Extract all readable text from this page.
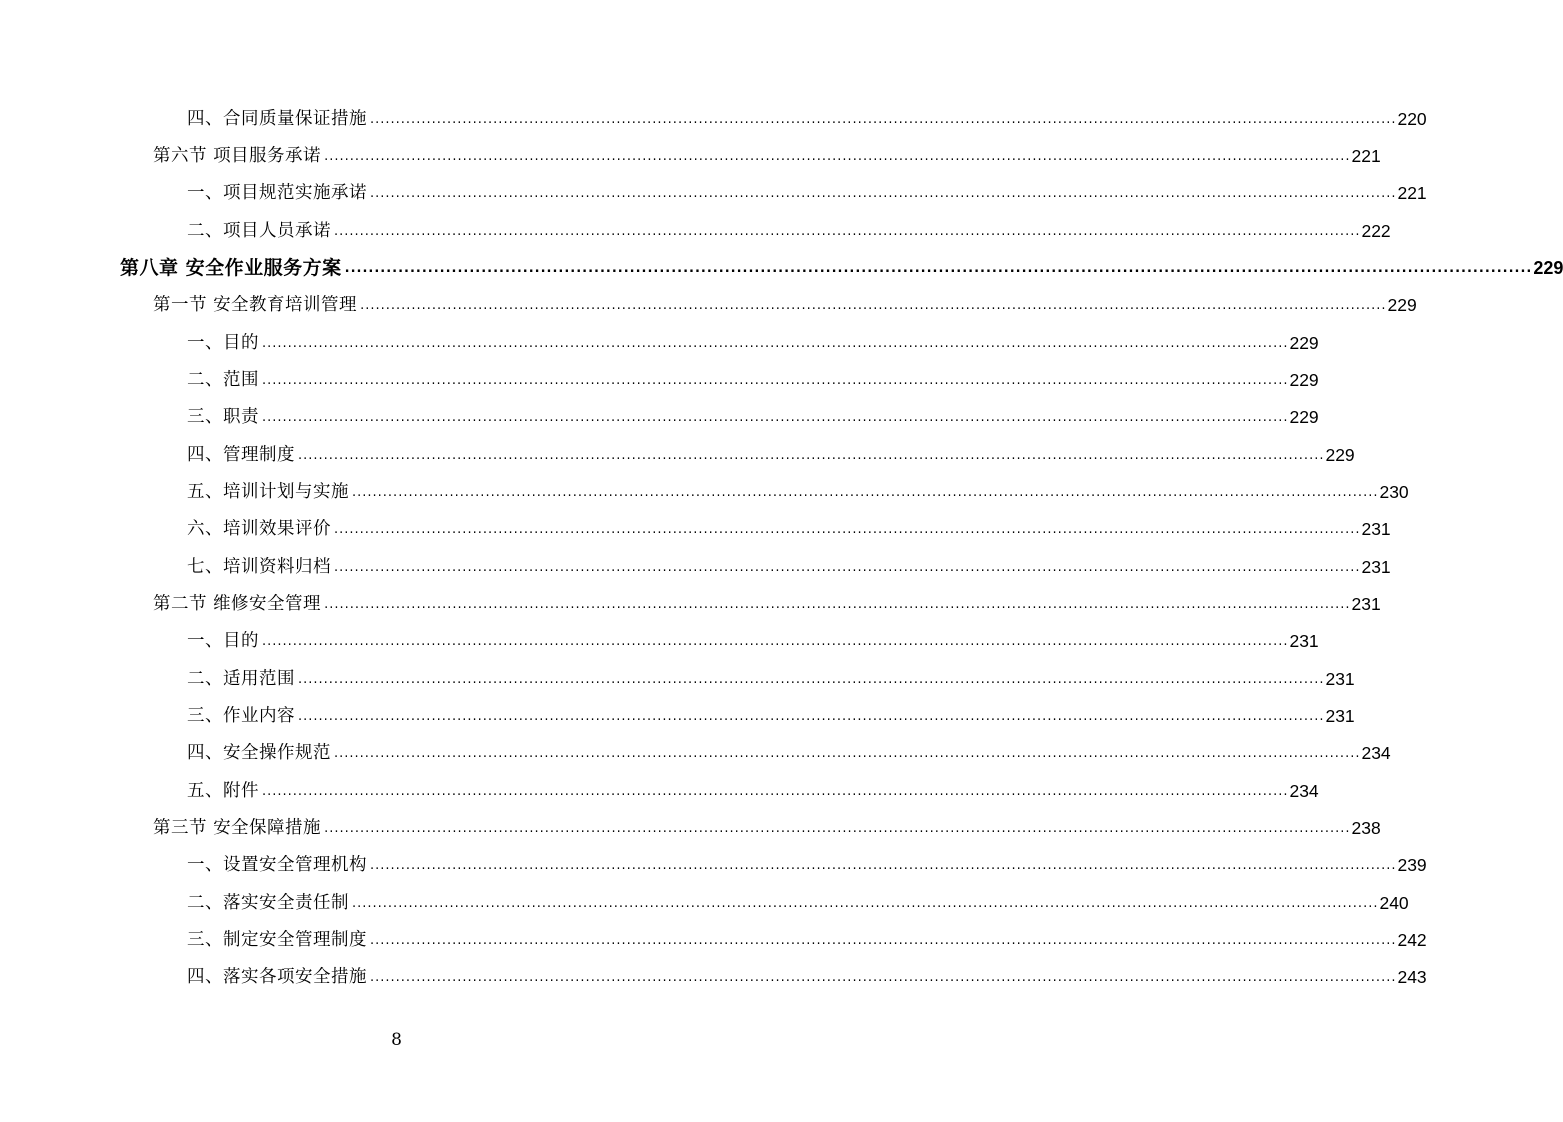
四、合同质量保证措施 ........................................................................................................................................................................................................ 220
第六节 项目服务承诺 ........................................................................................................................................................................................................ 221
一、项目规范实施承诺 ........................................................................................................................................................................................................ 221
二、项目人员承诺 ........................................................................................................................................................................................................ 222
第八章 安全作业服务方案 ........................................................................................................................................................................................................ 229
第一节 安全教育培训管理 ........................................................................................................................................................................................................ 229
一、目的 ........................................................................................................................................................................................................ 229
二、范围 ........................................................................................................................................................................................................ 229
三、职责 ........................................................................................................................................................................................................ 229
四、管理制度 ........................................................................................................................................................................................................ 229
五、培训计划与实施 ........................................................................................................................................................................................................ 230
六、培训效果评价 ........................................................................................................................................................................................................ 231
七、培训资料归档 ........................................................................................................................................................................................................ 231
第二节 维修安全管理 ........................................................................................................................................................................................................ 231
一、目的 ........................................................................................................................................................................................................ 231
二、适用范围 ........................................................................................................................................................................................................ 231
三、作业内容 ........................................................................................................................................................................................................ 231
四、安全操作规范 ........................................................................................................................................................................................................ 234
五、附件 ........................................................................................................................................................................................................ 234
第三节 安全保障措施 ........................................................................................................................................................................................................ 238
一、设置安全管理机构 ........................................................................................................................................................................................................ 239
二、落实安全责任制 ........................................................................................................................................................................................................ 240
三、制定安全管理制度 ........................................................................................................................................................................................................ 242
四、落实各项安全措施 ........................................................................................................................................................................................................ 243
8
